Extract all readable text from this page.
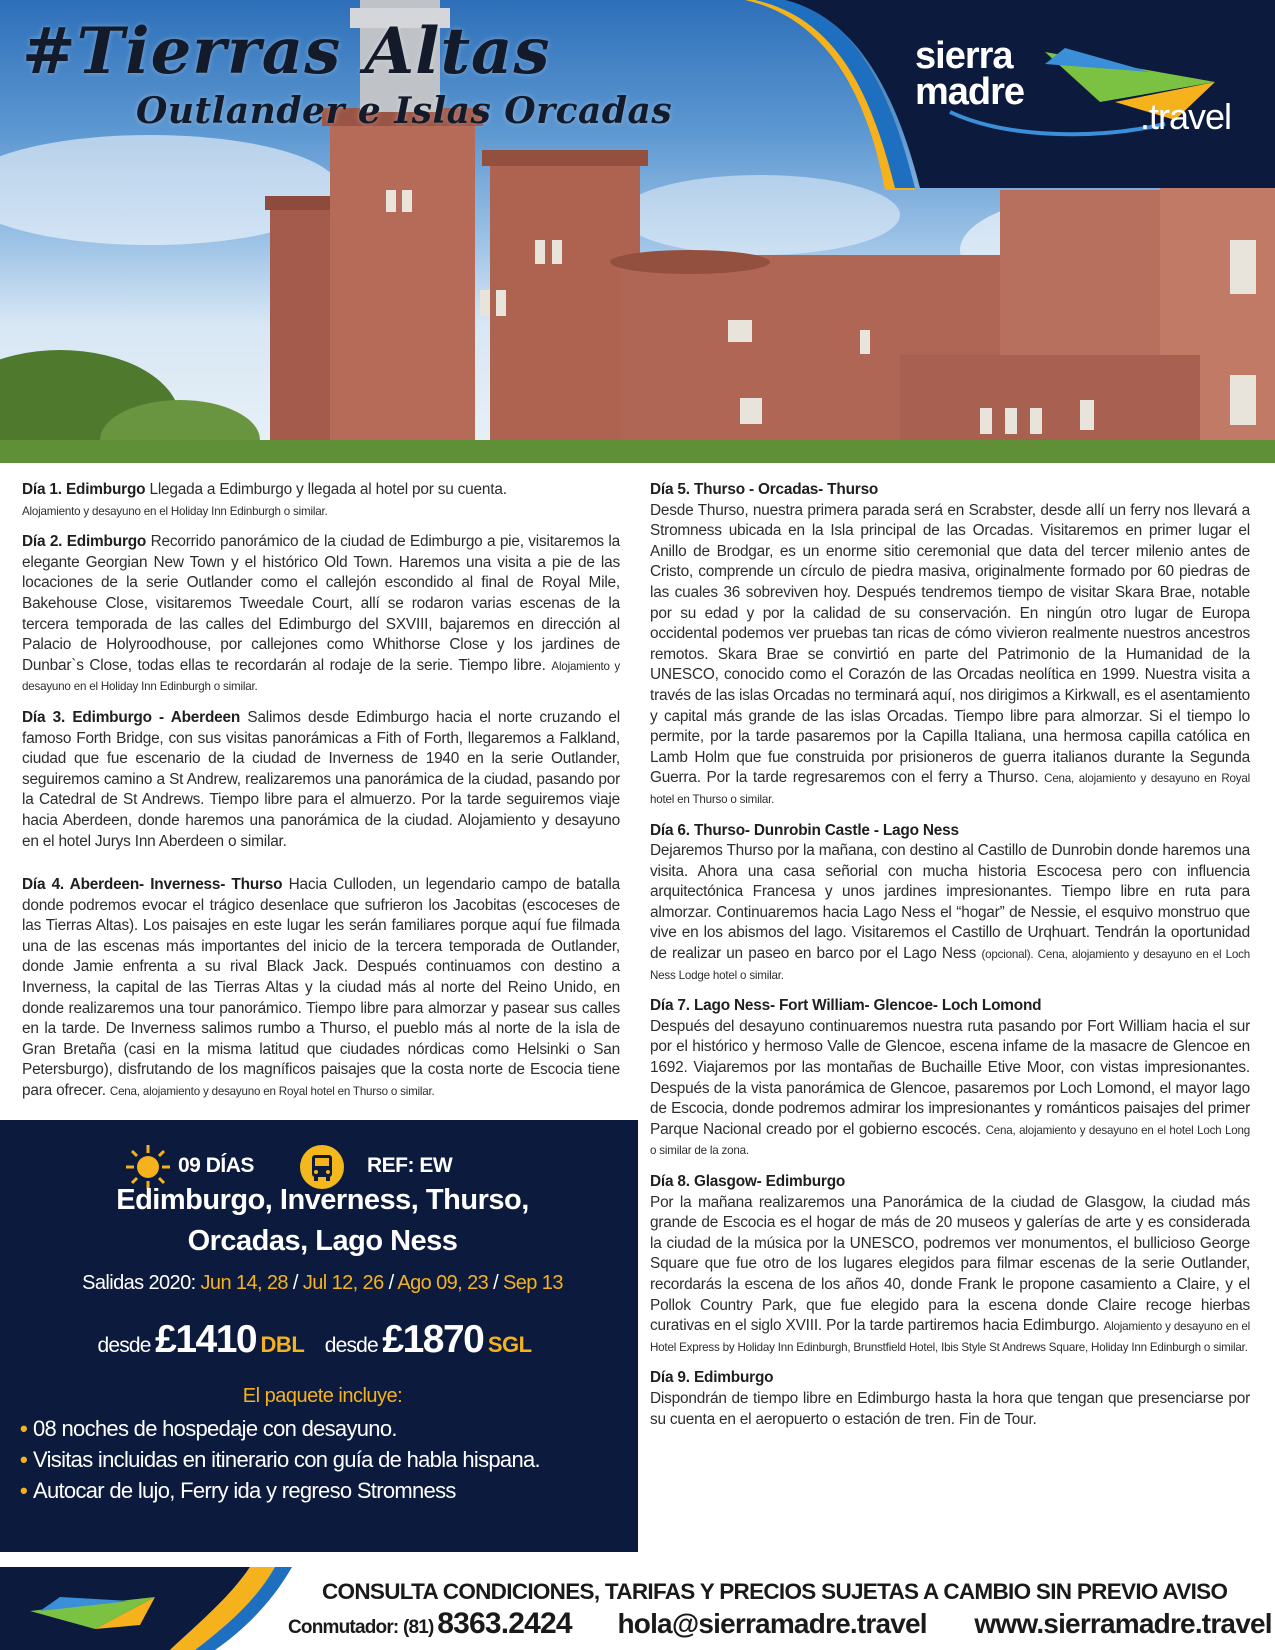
#Tierras Altas
Outlander e Islas Orcadas
sierra
madre
.travel
Día 1. Edimburgo Llegada a Edimburgo y llegada al hotel por su cuenta.
Alojamiento y desayuno en el Holiday Inn Edinburgh o similar.
Día 2. Edimburgo Recorrido panorámico de la ciudad de Edimburgo a pie, visitaremos la elegante Georgian New Town y el histórico Old Town. Haremos una visita a pie de las locaciones de la serie Outlander como el callejón escondido al final de Royal Mile, Bakehouse Close, visitaremos Tweedale Court, allí se rodaron varias escenas de la tercera temporada de las calles del Edimburgo del SXVIII, bajaremos en dirección al Palacio de Holyroodhouse, por callejones como Whithorse Close y los jardines de Dunbar`s Close, todas ellas te recordarán al rodaje de la serie. Tiempo libre. Alojamiento y desayuno en el Holiday Inn Edinburgh o similar.
Día 3. Edimburgo - Aberdeen Salimos desde Edimburgo hacia el norte cruzando el famoso Forth Bridge, con sus visitas panorámicas a Fith of Forth, llegaremos a Falkland, ciudad que fue escenario de la ciudad de Inverness de 1940 en la serie Outlander, seguiremos camino a St Andrew, realizaremos una panorámica de la ciudad, pasando por la Catedral de St Andrews. Tiempo libre para el almuerzo. Por la tarde seguiremos viaje hacia Aberdeen, donde haremos una panorámica de la ciudad. Alojamiento y desayuno en el hotel Jurys Inn Aberdeen o similar.
Día 4. Aberdeen- Inverness- Thurso Hacia Culloden, un legendario campo de batalla donde podremos evocar el trágico desenlace que sufrieron los Jacobitas (escoceses de las Tierras Altas). Los paisajes en este lugar les serán familiares porque aquí fue filmada una de las escenas más importantes del inicio de la tercera temporada de Outlander, donde Jamie enfrenta a su rival Black Jack. Después continuamos con destino a Inverness, la capital de las Tierras Altas y la ciudad más al norte del Reino Unido, en donde realizaremos una tour panorámico. Tiempo libre para almorzar y pasear sus calles en la tarde. De Inverness salimos rumbo a Thurso, el pueblo más al norte de la isla de Gran Bretaña (casi en la misma latitud que ciudades nórdicas como Helsinki o San Petersburgo), disfrutando de los magníficos paisajes que la costa norte de Escocia tiene para ofrecer. Cena, alojamiento y desayuno en Royal hotel en Thurso o similar.
Día 5. Thurso - Orcadas- Thurso
Desde Thurso, nuestra primera parada será en Scrabster, desde allí un ferry nos llevará a Stromness ubicada en la Isla principal de las Orcadas. Visitaremos en primer lugar el Anillo de Brodgar, es un enorme sitio ceremonial que data del tercer milenio antes de Cristo, comprende un círculo de piedra masiva, originalmente formado por 60 piedras de las cuales 36 sobreviven hoy. Después tendremos tiempo de visitar Skara Brae, notable por su edad y por la calidad de su conservación. En ningún otro lugar de Europa occidental podemos ver pruebas tan ricas de cómo vivieron realmente nuestros ancestros remotos. Skara Brae se convirtió en parte del Patrimonio de la Humanidad de la UNESCO, conocido como el Corazón de las Orcadas neolítica en 1999. Nuestra visita a través de las islas Orcadas no terminará aquí, nos dirigimos a Kirkwall, es el asentamiento y capital más grande de las islas Orcadas. Tiempo libre para almorzar. Si el tiempo lo permite, por la tarde pasaremos por la Capilla Italiana, una hermosa capilla católica en Lamb Holm que fue construida por prisioneros de guerra italianos durante la Segunda Guerra. Por la tarde regresaremos con el ferry a Thurso. Cena, alojamiento y desayuno en Royal hotel en Thurso o similar.
Día 6. Thurso- Dunrobin Castle - Lago Ness
Dejaremos Thurso por la mañana, con destino al Castillo de Dunrobin donde haremos una visita. Ahora una casa señorial con mucha historia Escocesa pero con influencia arquitectónica Francesa y unos jardines impresionantes. Tiempo libre en ruta para almorzar. Continuaremos hacia Lago Ness el “hogar” de Nessie, el esquivo monstruo que vive en los abismos del lago. Visitaremos el Castillo de Urqhuart. Tendrán la oportunidad de realizar un paseo en barco por el Lago Ness (opcional). Cena, alojamiento y desayuno en el Loch Ness Lodge hotel o similar.
Día 7. Lago Ness- Fort William- Glencoe- Loch Lomond
Después del desayuno continuaremos nuestra ruta pasando por Fort William hacia el sur por el histórico y hermoso Valle de Glencoe, escena infame de la masacre de Glencoe en 1692. Viajaremos por las montañas de Buchaille Etive Moor, con vistas impresionantes. Después de la vista panorámica de Glencoe, pasaremos por Loch Lomond, el mayor lago de Escocia, donde podremos admirar los impresionantes y románticos paisajes del primer Parque Nacional creado por el gobierno escocés. Cena, alojamiento y desayuno en el hotel Loch Long o similar de la zona.
Día 8. Glasgow- Edimburgo
Por la mañana realizaremos una Panorámica de la ciudad de Glasgow, la ciudad más grande de Escocia es el hogar de más de 20 museos y galerías de arte y es considerada la ciudad de la música por la UNESCO, podremos ver monumentos, el bullicioso George Square que fue otro de los lugares elegidos para filmar escenas de la serie Outlander, recordarás la escena de los años 40, donde Frank le propone casamiento a Claire, y el Pollok Country Park, que fue elegido para la escena donde Claire recoge hierbas curativas en el siglo XVIII. Por la tarde partiremos hacia Edimburgo. Alojamiento y desayuno en el Hotel Express by Holiday Inn Edinburgh, Brunstfield Hotel, Ibis Style St Andrews Square, Holiday Inn Edinburgh o similar.
Día 9. Edimburgo
Dispondrán de tiempo libre en Edimburgo hasta la hora que tengan que presenciarse por su cuenta en el aeropuerto o estación de tren. Fin de Tour.
09 DÍAS	REF: EW
Edimburgo, Inverness, Thurso,
Orcadas, Lago Ness
Salidas 2020: Jun 14, 28 / Jul 12, 26 / Ago 09, 23 / Sep 13
desde £1410 DBL desde £1870 SGL
El paquete incluye:
• 08 noches de hospedaje con desayuno.
• Visitas incluidas en itinerario con guía de habla hispana.
• Autocar de lujo, Ferry ida y regreso Stromness
CONSULTA CONDICIONES, TARIFAS Y PRECIOS SUJETAS A CAMBIO SIN PREVIO AVISO
Conmutador: (81) 8363.2424 hola@sierramadre.travel www.sierramadre.travel
